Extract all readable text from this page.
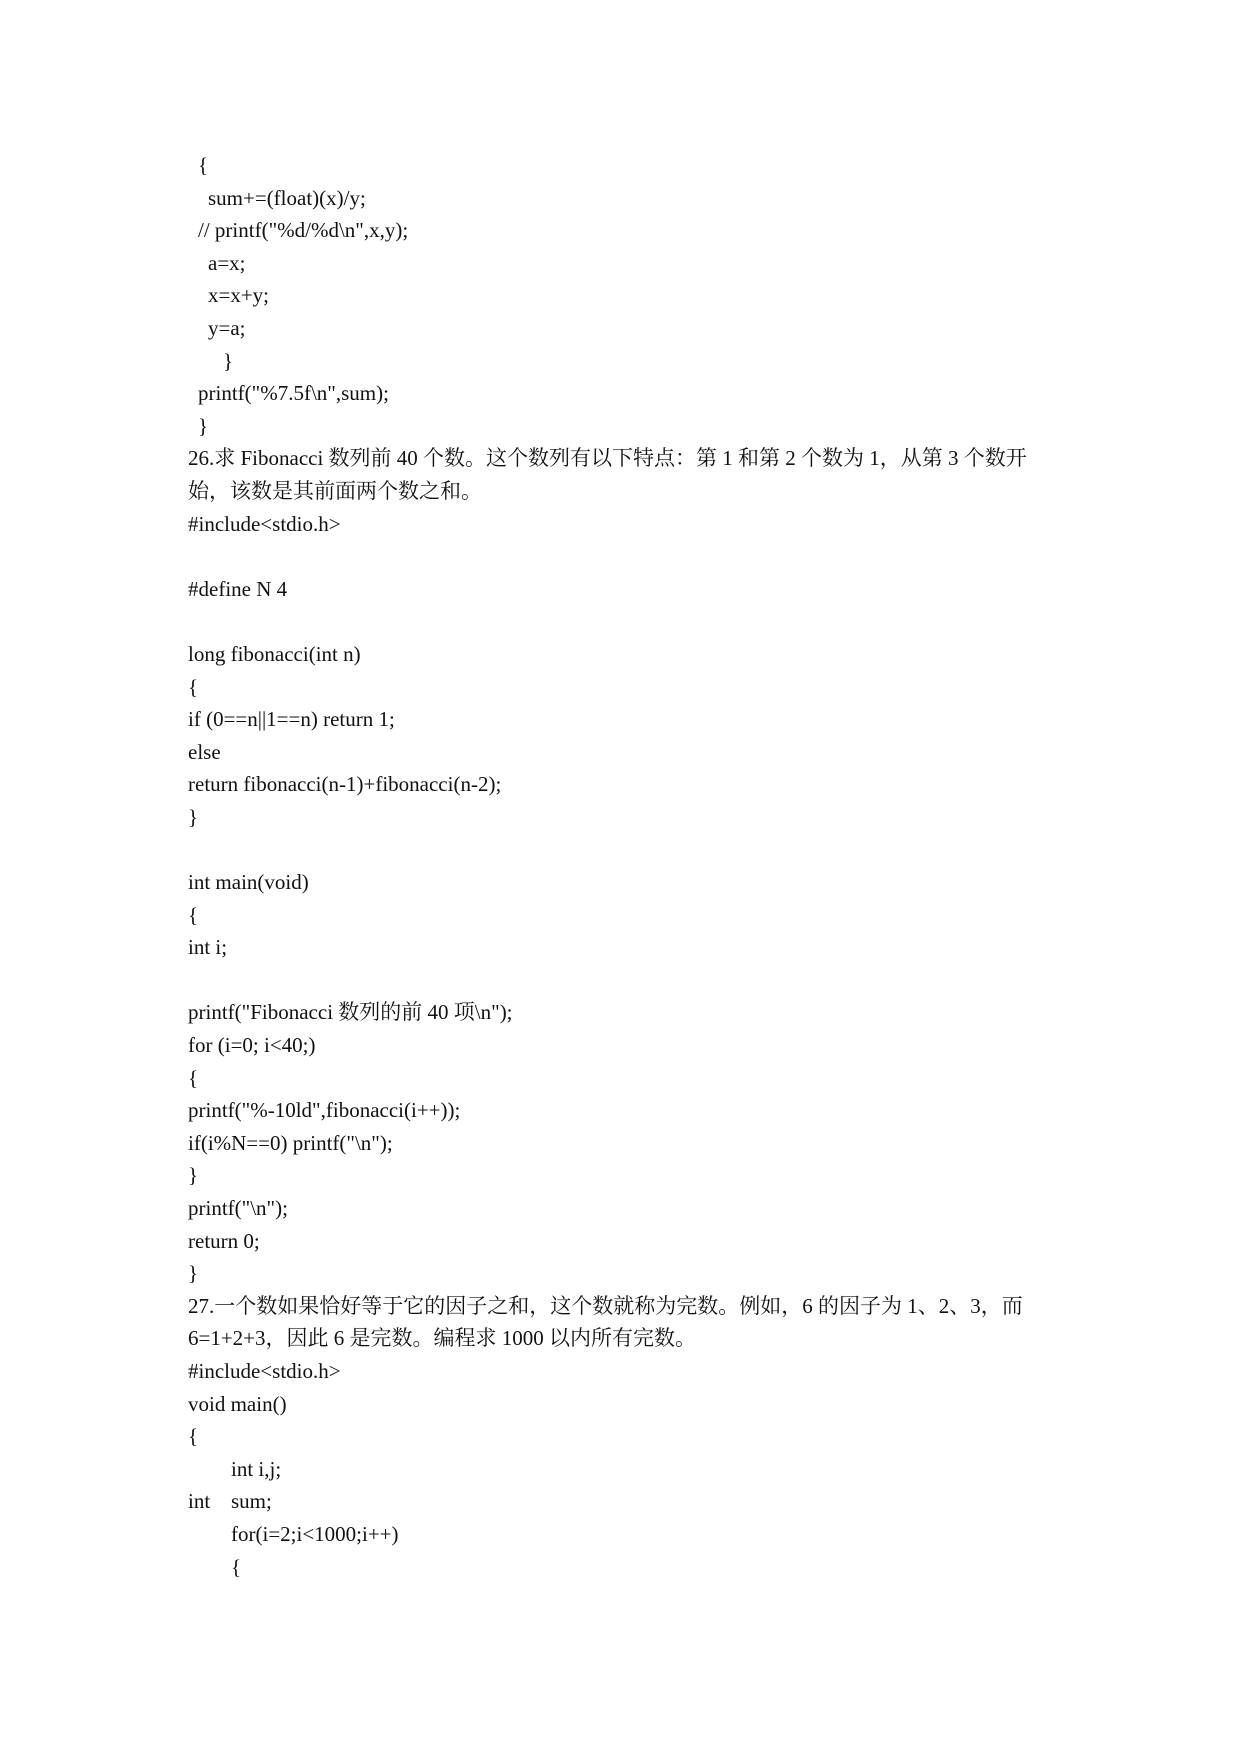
{
sum+=(float)(x)/y;
// printf("%d/%d\n",x,y);
a=x;
x=x+y;
y=a;
}
printf("%7.5f\n",sum);
}
26.求 Fibonacci 数列前 40 个数。这个数列有以下特点：第 1 和第 2 个数为 1，从第 3 个数开
始，该数是其前面两个数之和。
#include<stdio.h>
#define N 4
long fibonacci(int n)
{
if (0==n||1==n) return 1;
else
return fibonacci(n-1)+fibonacci(n-2);
}
int main(void)
{
int i;
printf("Fibonacci 数列的前 40 项\n");
for (i=0; i<40;)
{
printf("%-10ld",fibonacci(i++));
if(i%N==0) printf("\n");
}
printf("\n");
return 0;
}
27.一个数如果恰好等于它的因子之和，这个数就称为完数。例如，6 的因子为 1、2、3，而
6=1+2+3，因此 6 是完数。编程求 1000 以内所有完数。
#include<stdio.h>
void main()
{
int i,j;
int sum;
for(i=2;i<1000;i++)
{
